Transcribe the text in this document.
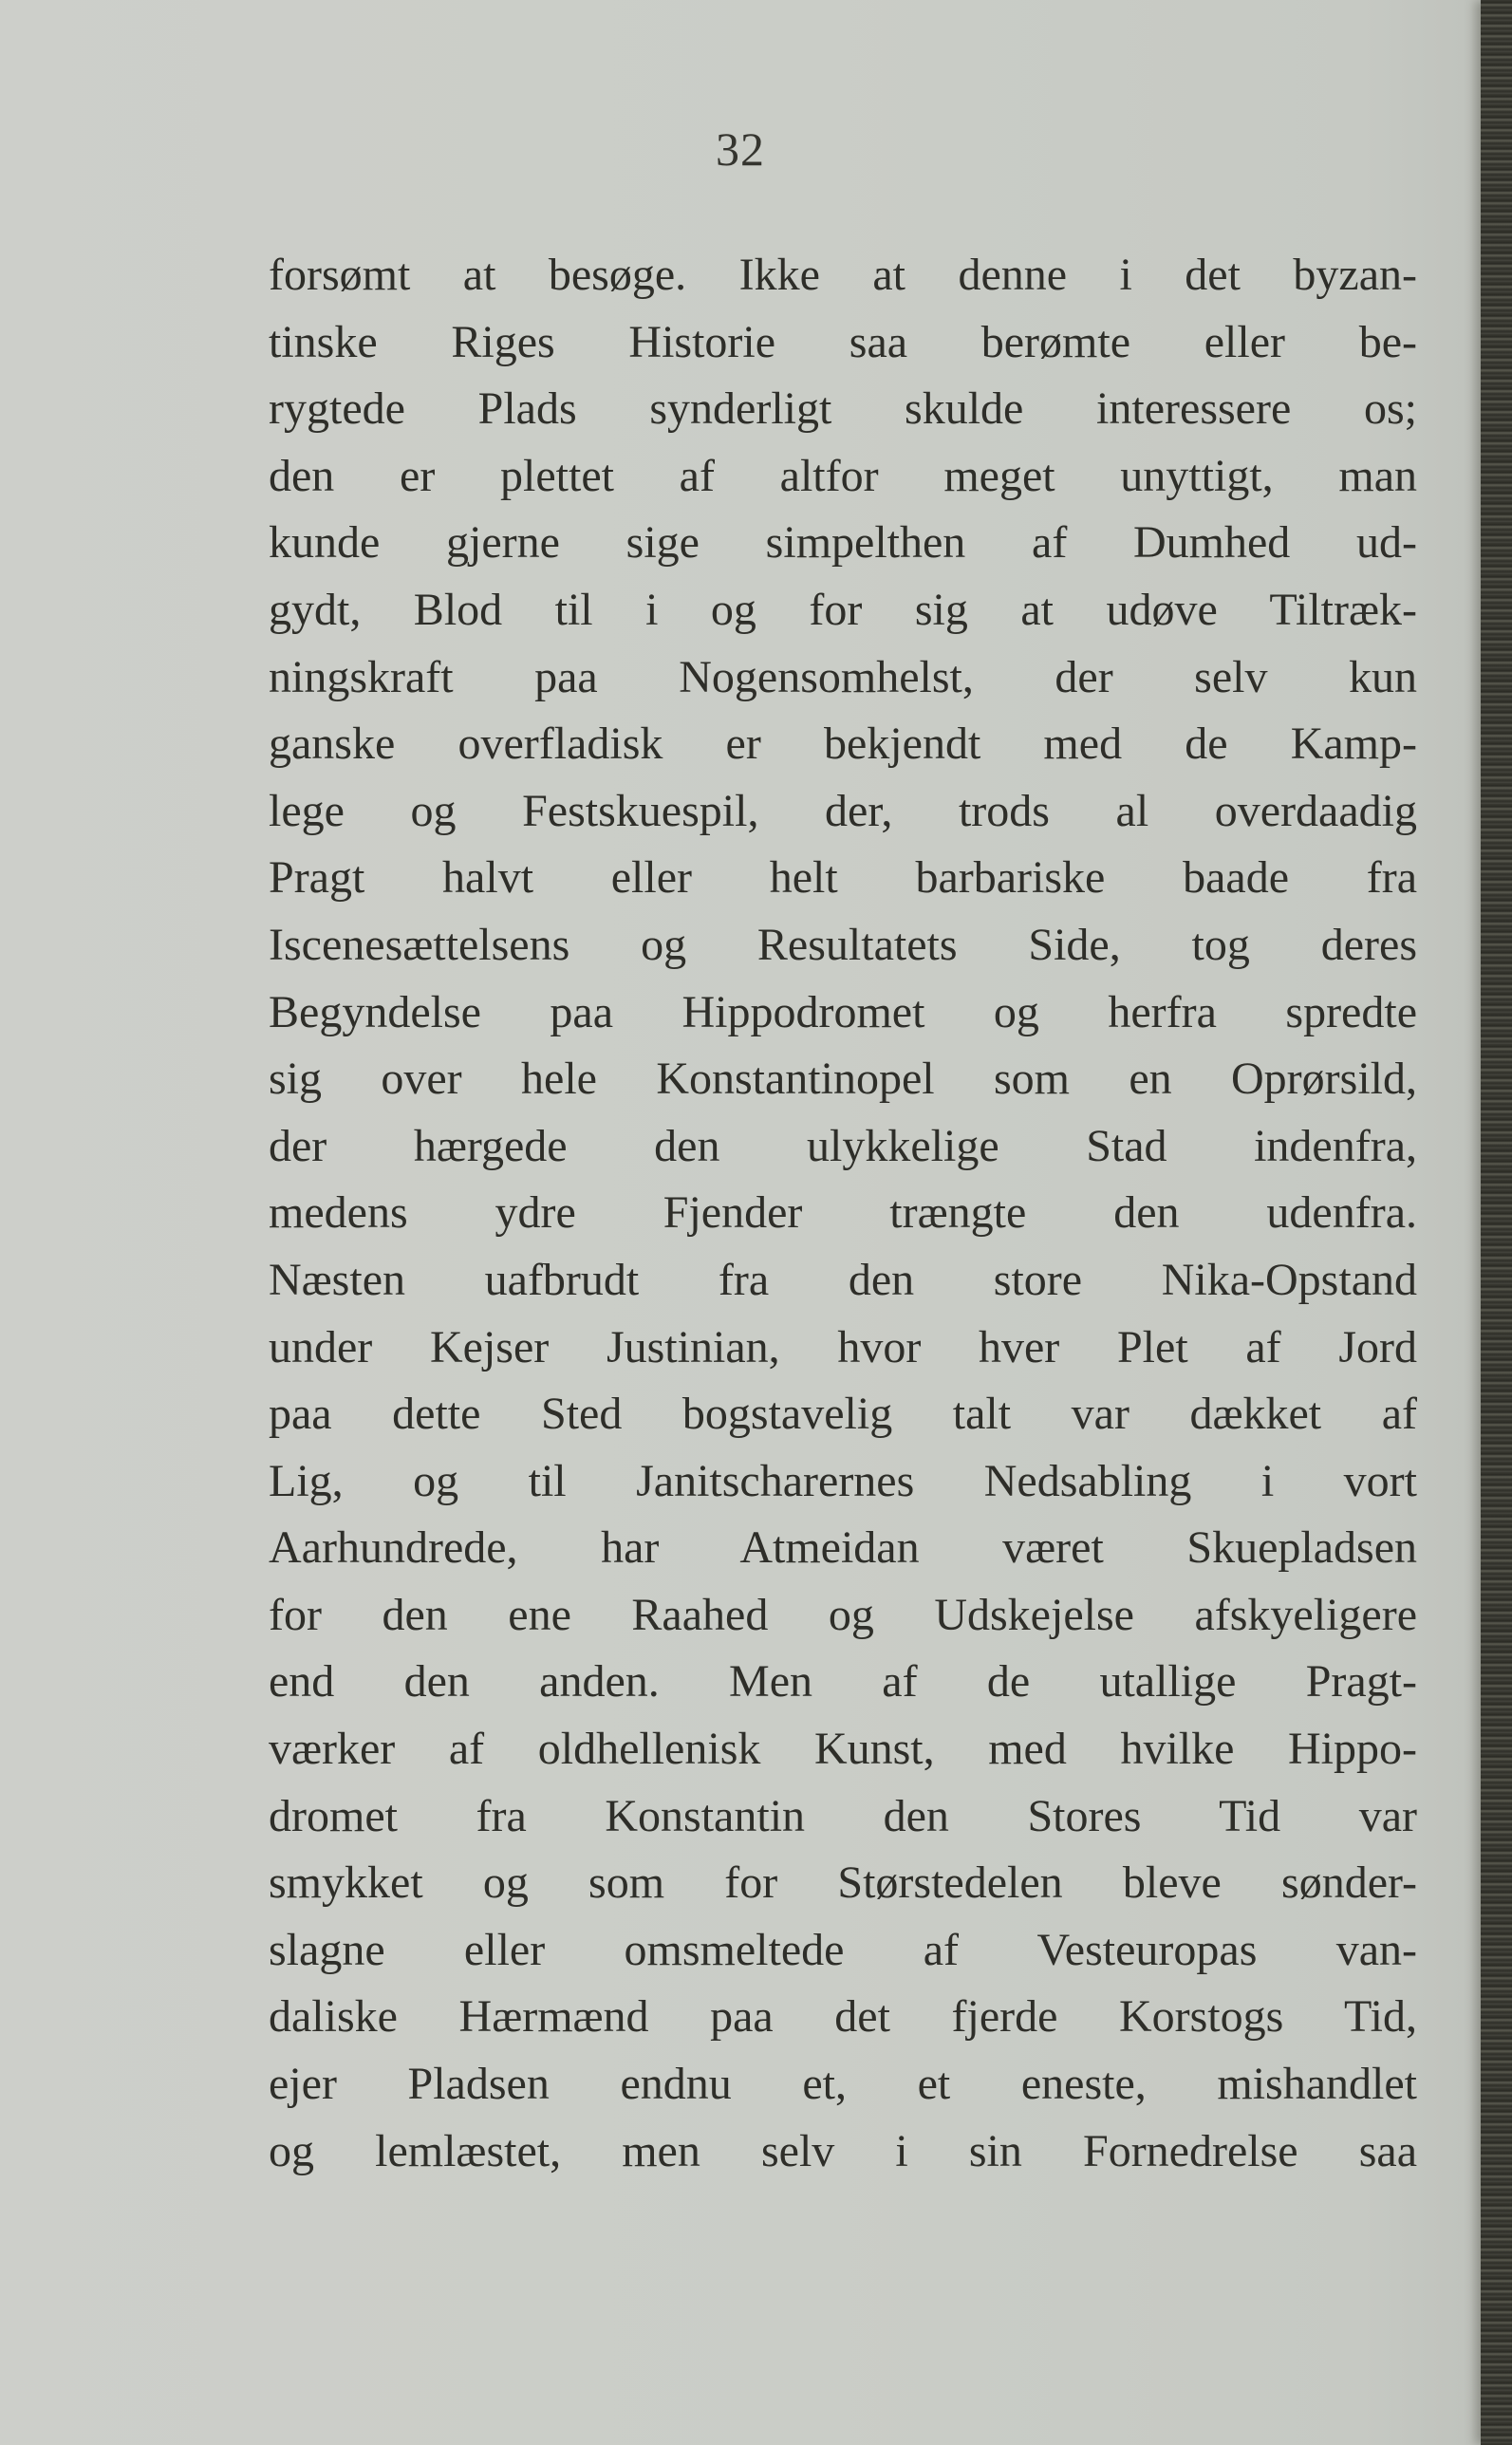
32
forsømt at besøge. Ikke at denne i det byzan-
tinske Riges Historie saa berømte eller be-
rygtede Plads synderligt skulde interessere os;
den er plettet af altfor meget unyttigt, man
kunde gjerne sige simpelthen af Dumhed ud-
gydt, Blod til i og for sig at udøve Tiltræk-
ningskraft paa Nogensomhelst, der selv kun
ganske overfladisk er bekjendt med de Kamp-
lege og Festskuespil, der, trods al overdaadig
Pragt halvt eller helt barbariske baade fra
Iscenesættelsens og Resultatets Side, tog deres
Begyndelse paa Hippodromet og herfra spredte
sig over hele Konstantinopel som en Oprørsild,
der hærgede den ulykkelige Stad indenfra,
medens ydre Fjender trængte den udenfra.
Næsten uafbrudt fra den store Nika-Opstand
under Kejser Justinian, hvor hver Plet af Jord
paa dette Sted bogstavelig talt var dækket af
Lig, og til Janitscharernes Nedsabling i vort
Aarhundrede, har Atmeidan været Skuepladsen
for den ene Raahed og Udskejelse afskyeligere
end den anden. Men af de utallige Pragt-
værker af oldhellenisk Kunst, med hvilke Hippo-
dromet fra Konstantin den Stores Tid var
smykket og som for Størstedelen bleve sønder-
slagne eller omsmeltede af Vesteuropas van-
daliske Hærmænd paa det fjerde Korstogs Tid,
ejer Pladsen endnu et, et eneste, mishandlet
og lemlæstet, men selv i sin Fornedrelse saa
